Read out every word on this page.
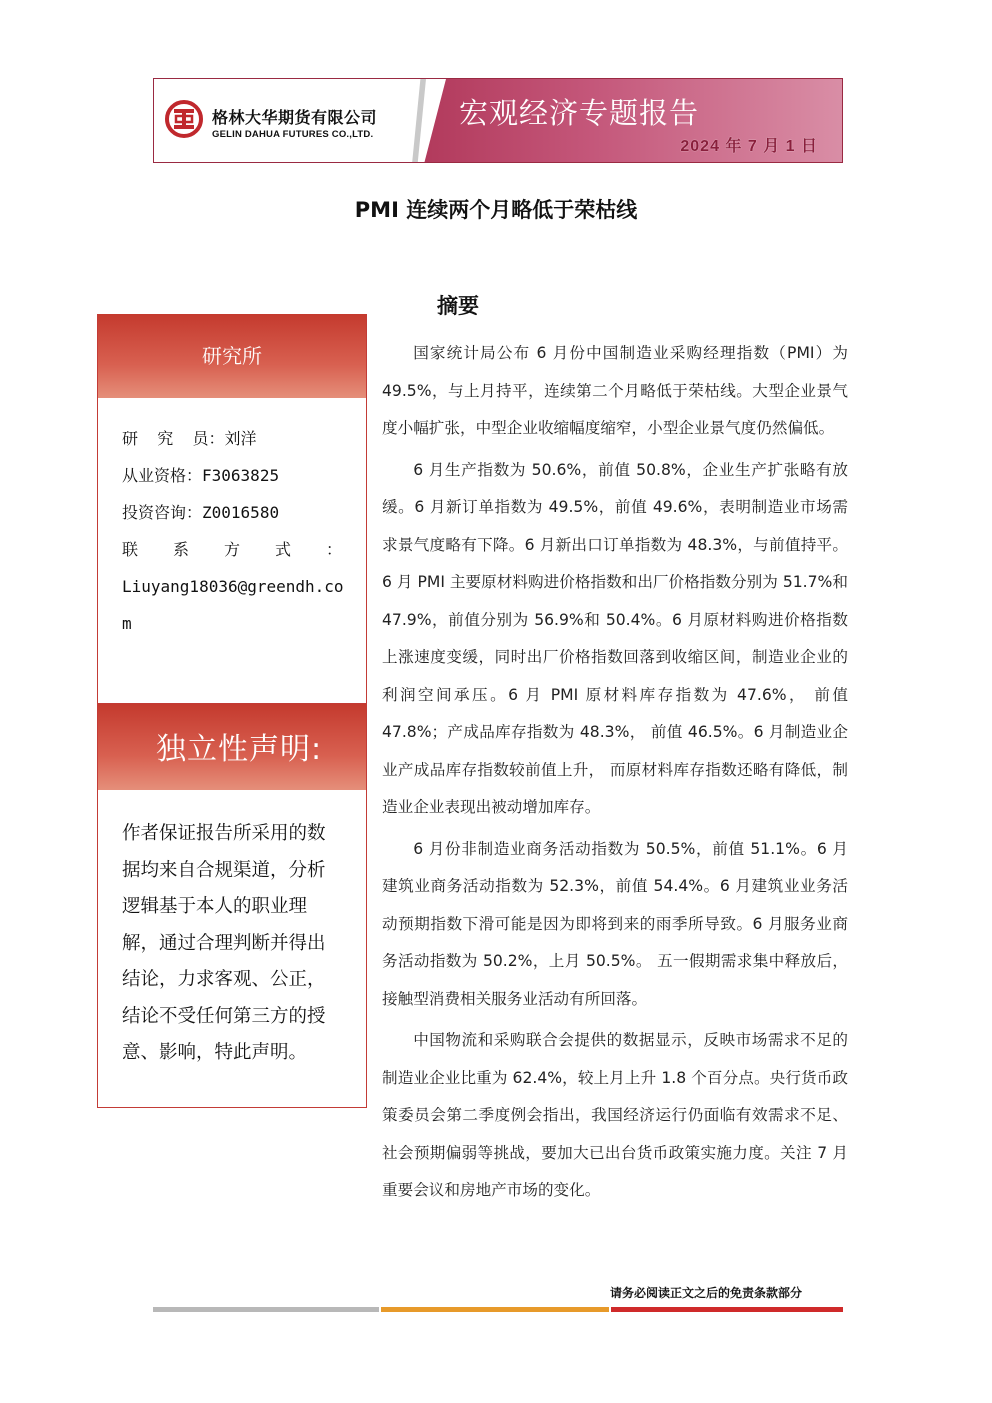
格林大华期货有限公司
GELIN DAHUA FUTURES CO.,LTD.
宏观经济专题报告
2024 年 7 月 1 日
PMI 连续两个月略低于荣枯线
研究所
研  究  员：刘洋
从业资格：F3063825
投资咨询：Z0016580
联 系 方 式 ：
Liuyang18036@greendh.com
独立性声明:
作者保证报告所采用的数据均来自合规渠道，分析逻辑基于本人的职业理解，通过合理判断并得出结论，力求客观、公正，结论不受任何第三方的授意、影响，特此声明。
摘要

国家统计局公布 6 月份中国制造业采购经理指数（PMI）为 49.5%，与上月持平，连续第二个月略低于荣枯线。大型企业景气度小幅扩张，中型企业收缩幅度缩窄，小型企业景气度仍然偏低。

6 月生产指数为 50.6%，前值 50.8%，企业生产扩张略有放缓。6 月新订单指数为 49.5%，前值 49.6%，表明制造业市场需求景气度略有下降。6 月新出口订单指数为 48.3%，与前值持平。6 月 PMI 主要原材料购进价格指数和出厂价格指数分别为 51.7%和 47.9%，前值分别为 56.9%和 50.4%。6 月原材料购进价格指数上涨速度变缓，同时出厂价格指数回落到收缩区间，制造业企业的利润空间承压。6 月 PMI 原材料库存指数为 47.6%， 前值 47.8%；产成品库存指数为 48.3%， 前值 46.5%。6 月制造业企业产成品库存指数较前值上升， 而原材料库存指数还略有降低，制造业企业表现出被动增加库存。

6 月份非制造业商务活动指数为 50.5%，前值 51.1%。6 月建筑业商务活动指数为 52.3%，前值 54.4%。6 月建筑业业务活动预期指数下滑可能是因为即将到来的雨季所导致。6 月服务业商务活动指数为 50.2%，上月 50.5%。 五一假期需求集中释放后，接触型消费相关服务业活动有所回落。

中国物流和采购联合会提供的数据显示，反映市场需求不足的制造业企业比重为 62.4%，较上月上升 1.8 个百分点。央行货币政策委员会第二季度例会指出，我国经济运行仍面临有效需求不足、社会预期偏弱等挑战，要加大已出台货币政策实施力度。关注 7 月重要会议和房地产市场的变化。

请务必阅读正文之后的免责条款部分
